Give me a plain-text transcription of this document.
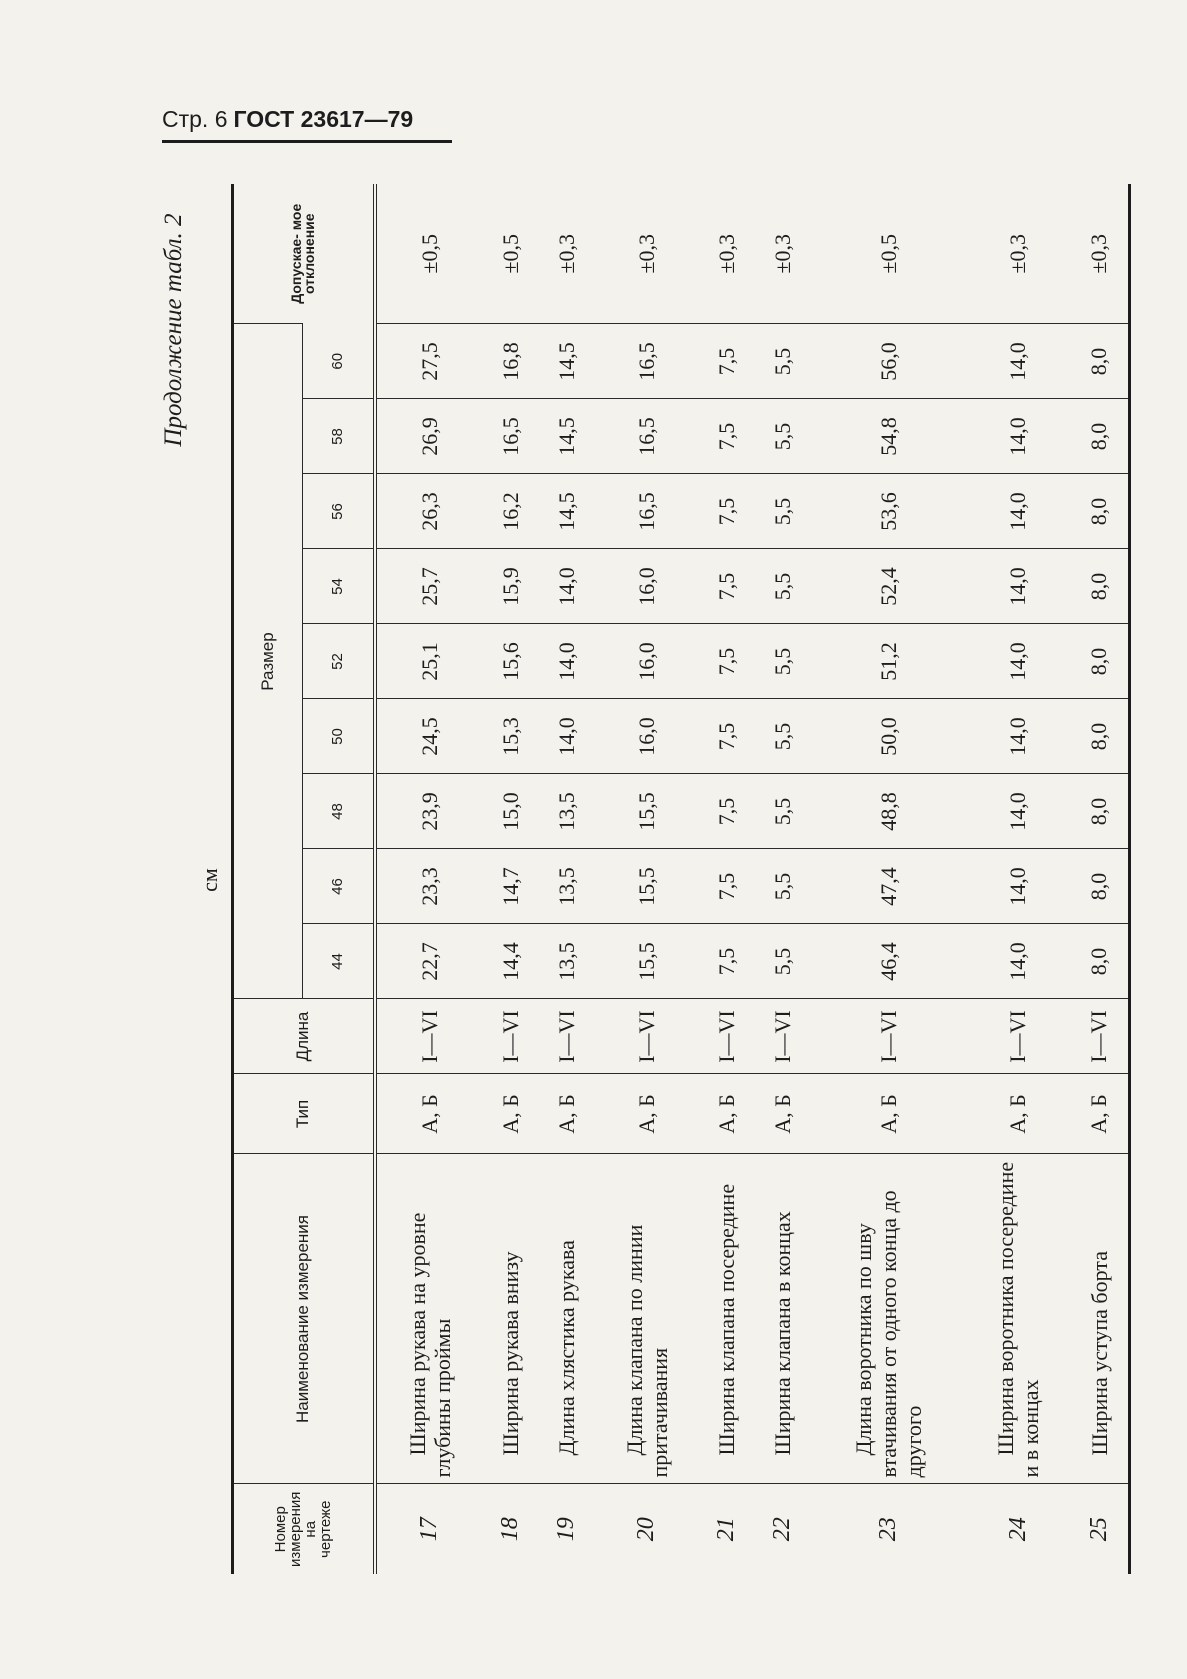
Стр. 6 ГОСТ 23617—79
Продолжение табл. 2
см
Номер измерения на чертеже	Наименование измерения	Тип	Длина	Размер									Допускае- мое отклонение
				44	46	48	50	52	54	56	58	60	
17	Ширина рукава на уровне глубины проймы	А, Б	I—VI	22,7	23,3	23,9	24,5	25,1	25,7	26,3	26,9	27,5	±0,5
18	Ширина рукава внизу	А, Б	I—VI	14,4	14,7	15,0	15,3	15,6	15,9	16,2	16,5	16,8	±0,5
19	Длина хлястика рукава	А, Б	I—VI	13,5	13,5	13,5	14,0	14,0	14,0	14,5	14,5	14,5	±0,3
20	Длина клапана по линии притачивания	А, Б	I—VI	15,5	15,5	15,5	16,0	16,0	16,0	16,5	16,5	16,5	±0,3
21	Ширина клапана посередине	А, Б	I—VI	7,5	7,5	7,5	7,5	7,5	7,5	7,5	7,5	7,5	±0,3
22	Ширина клапана в концах	А, Б	I—VI	5,5	5,5	5,5	5,5	5,5	5,5	5,5	5,5	5,5	±0,3
23	Длина воротника по шву втачивания от одного конца до другого	А, Б	I—VI	46,4	47,4	48,8	50,0	51,2	52,4	53,6	54,8	56,0	±0,5
24	Ширина воротника посередине и в концах	А, Б	I—VI	14,0	14,0	14,0	14,0	14,0	14,0	14,0	14,0	14,0	±0,3
25	Ширина уступа борта	А, Б	I—VI	8,0	8,0	8,0	8,0	8,0	8,0	8,0	8,0	8,0	±0,3
